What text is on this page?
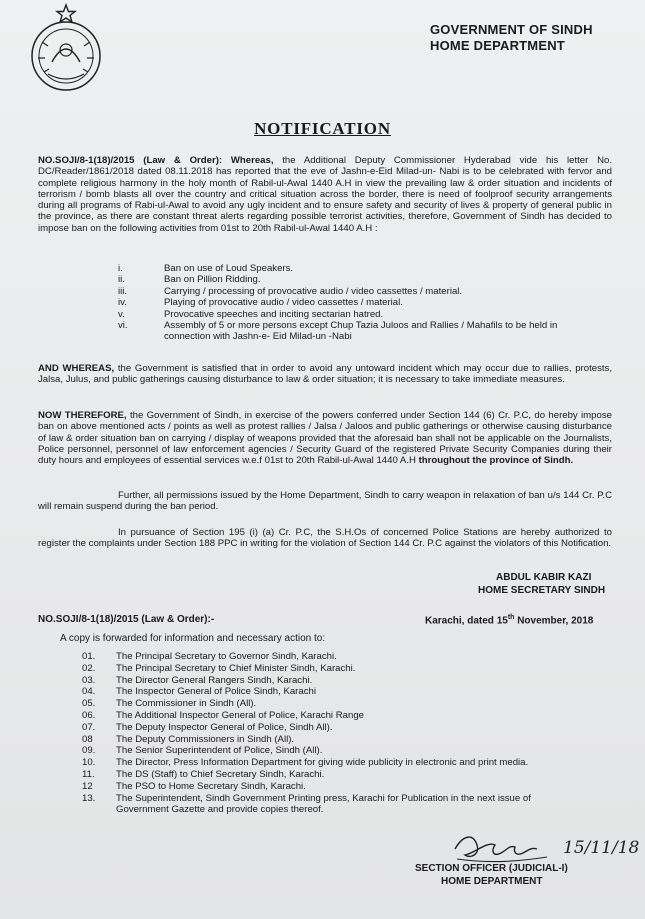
GOVERNMENT OF SINDH
HOME DEPARTMENT
NOTIFICATION
NO.SOJI/8-1(18)/2015 (Law & Order): Whereas, the Additional Deputy Commissioner Hyderabad vide his letter No. DC/Reader/1861/2018 dated 08.11.2018 has reported that the eve of Jashn-e-Eid Milad-un- Nabi is to be celebrated with fervor and complete religious harmony in the holy month of Rabil-ul-Awal 1440 A.H in view the prevailing law & order situation and incidents of terrorism / bomb blasts all over the country and critical situation across the border, there is need of foolproof security arrangements during all programs of Rabi-ul-Awal to avoid any ugly incident and to ensure safety and security of lives & property of general public in the province, as there are constant threat alerts regarding possible terrorist activities, therefore, Government of Sindh has decided to impose ban on the following activities from 01st to 20th Rabil-ul-Awal 1440 A.H :
i.	Ban on use of Loud Speakers.
ii.	Ban on Pillion Ridding.
iii.	Carrying / processing of provocative audio / video cassettes / material.
iv.	Playing of provocative audio / video cassettes / material.
v.	Provocative speeches and inciting sectarian hatred.
vi.	Assembly of 5 or more persons except Chup Tazia Juloos and Rallies / Mahafils to be held in connection with Jashn-e- Eid Milad-un -Nabi
AND WHEREAS, the Government is satisfied that in order to avoid any untoward incident which may occur due to rallies, protests, Jalsa, Julus, and public gatherings causing disturbance to law & order situation; it is necessary to take immediate measures.
NOW THEREFORE, the Government of Sindh, in exercise of the powers conferred under Section 144 (6) Cr. P.C, do hereby impose ban on above mentioned acts / points as well as protest rallies / Jalsa / Jaloos and public gatherings or otherwise causing disturbance of law & order situation ban on carrying / display of weapons provided that the aforesaid ban shall not be applicable on the Journalists, Police personnel, personnel of law enforcement agencies / Security Guard of the registered Private Security Companies during their duty hours and employees of essential services w.e.f 01st to 20th Rabil-ul-Awal 1440 A.H throughout the province of Sindh.
Further, all permissions issued by the Home Department, Sindh to carry weapon in relaxation of ban u/s 144 Cr. P.C will remain suspend during the ban period.
In pursuance of Section 195 (i) (a) Cr. P.C, the S.H.Os of concerned Police Stations are hereby authorized to register the complaints under Section 188 PPC in writing for the violation of Section 144 Cr. P.C against the violators of this Notification.
ABDUL KABIR KAZI
HOME SECRETARY SINDH
NO.SOJI/8-1(18)/2015 (Law & Order):-	Karachi, dated 15th November, 2018
A copy is forwarded for information and necessary action to:
01.	The Principal Secretary to Governor Sindh, Karachi.
02.	The Principal Secretary to Chief Minister Sindh, Karachi.
03.	The Director General Rangers Sindh, Karachi.
04.	The Inspector General of Police Sindh, Karachi
05.	The Commissioner in Sindh (All).
06.	The Additional Inspector General of Police, Karachi Range
07.	The Deputy Inspector General of Police, Sindh All).
08	The Deputy Commissioners in Sindh (All).
09.	The Senior Superintendent of Police, Sindh (All).
10.	The Director, Press Information Department for giving wide publicity in electronic and print media.
11.	The DS (Staff) to Chief Secretary Sindh, Karachi.
12	The PSO to Home Secretary Sindh, Karachi.
13.	The Superintendent, Sindh Government Printing press, Karachi for Publication in the next issue of Government Gazette and provide copies thereof.
15/11/18
SECTION OFFICER (JUDICIAL-I)
HOME DEPARTMENT
